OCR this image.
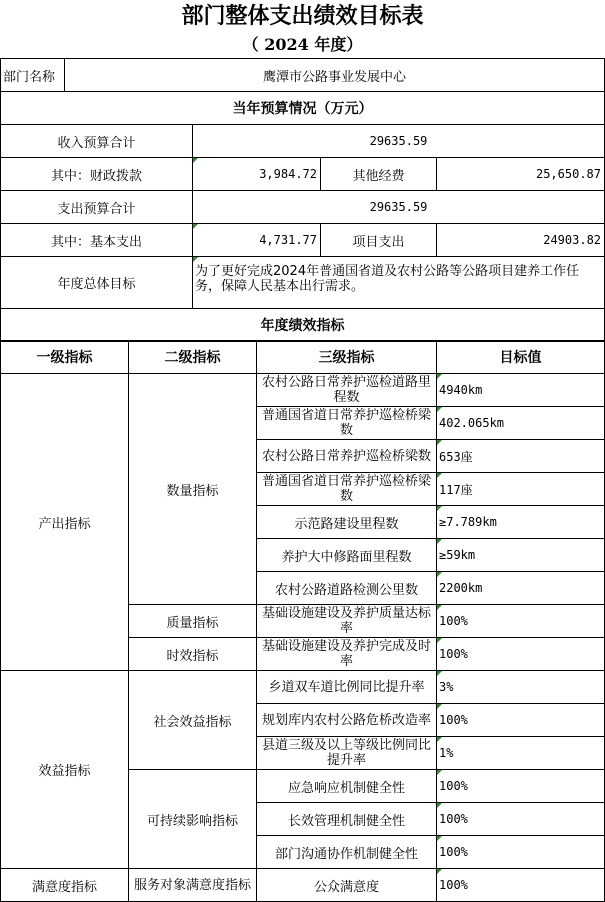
部门整体支出绩效目标表
（ 2024 年度）
部门名称	鹰潭市公路事业发展中心			
当年预算情况（万元）				
收入预算合计		29635.59		
其中：财政拨款		3,984.72	其他经费	25,650.87
支出预算合计		29635.59		
其中：基本支出		4,731.77	项目支出	24903.82
年度总体目标		为了更好完成2024年普通国省道及农村公路等公路项目建养工作任务，保障人民基本出行需求。		
年度绩效指标				
一级指标	二级指标	三级指标	目标值
产出指标	数量指标	农村公路日常养护巡检道路里程数	4940km
		普通国省道日常养护巡检桥梁数	402.065km
		农村公路日常养护巡检桥梁数	653座
		普通国省道日常养护巡检桥梁数	117座
		示范路建设里程数	≥7.789km
		养护大中修路面里程数	≥59km
		农村公路道路检测公里数	2200km
	质量指标	基础设施建设及养护质量达标率	100%
	时效指标	基础设施建设及养护完成及时率	100%
效益指标	社会效益指标	乡道双车道比例同比提升率	3%
		规划库内农村公路危桥改造率	100%
		县道三级及以上等级比例同比提升率	1%
	可持续影响指标	应急响应机制健全性	100%
		长效管理机制健全性	100%
		部门沟通协作机制健全性	100%
满意度指标	服务对象满意度指标	公众满意度	100%
